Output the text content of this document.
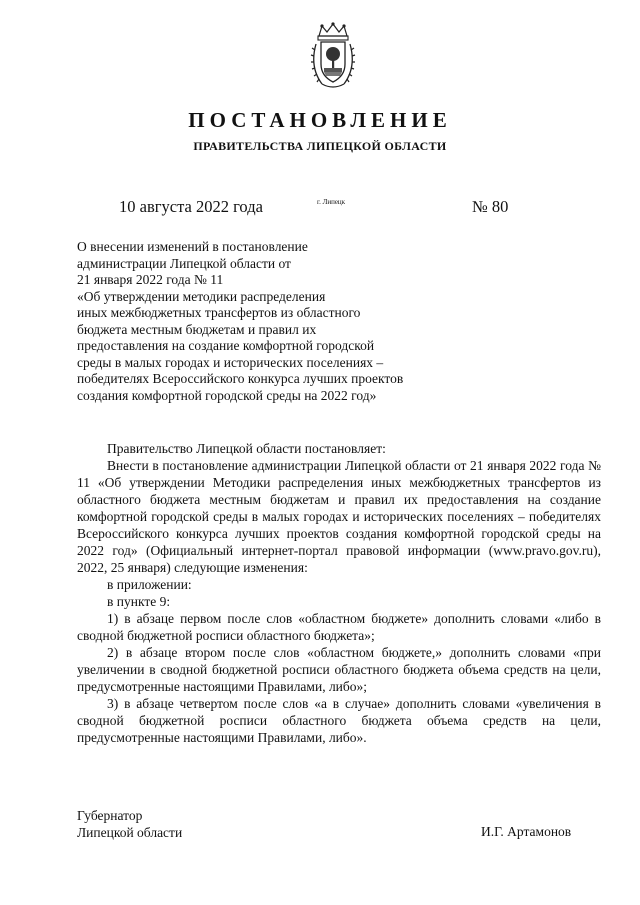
ПОСТАНОВЛЕНИЕ
ПРАВИТЕЛЬСТВА ЛИПЕЦКОЙ ОБЛАСТИ
10 августа 2022 года	г. Липецк	№ 80
О внесении изменений в постановление
администрации Липецкой области от
21 января 2022 года № 11
«Об утверждении методики распределения
иных межбюджетных трансфертов из областного
бюджета местным бюджетам и правил их
предоставления на создание комфортной городской
среды в малых городах и исторических поселениях –
победителях Всероссийского конкурса лучших проектов
создания комфортной городской среды на 2022 год»

Правительство Липецкой области постановляет:

Внести в постановление администрации Липецкой области от 21 января 2022 года № 11 «Об утверждении Методики распределения иных межбюджетных трансфертов из областного бюджета местным бюджетам и правил их предоставления на создание комфортной городской среды в малых городах и исторических поселениях – победителях Всероссийского конкурса лучших проектов создания комфортной городской среды на 2022 год» (Официальный интернет-портал правовой информации (www.pravo.gov.ru), 2022, 25 января) следующие изменения:

в приложении:

в пункте 9:

1) в абзаце первом после слов «областном бюджете» дополнить словами «либо в сводной бюджетной росписи областного бюджета»;

2) в абзаце втором после слов «областном бюджете,» дополнить словами «при увеличении в сводной бюджетной росписи областного бюджета объема средств на цели, предусмотренные настоящими Правилами, либо»;

3) в абзаце четвертом после слов «а в случае» дополнить словами «увеличения в сводной бюджетной росписи областного бюджета объема средств на цели, предусмотренные настоящими Правилами, либо».

Губернатор
Липецкой области	И.Г. Артамонов
